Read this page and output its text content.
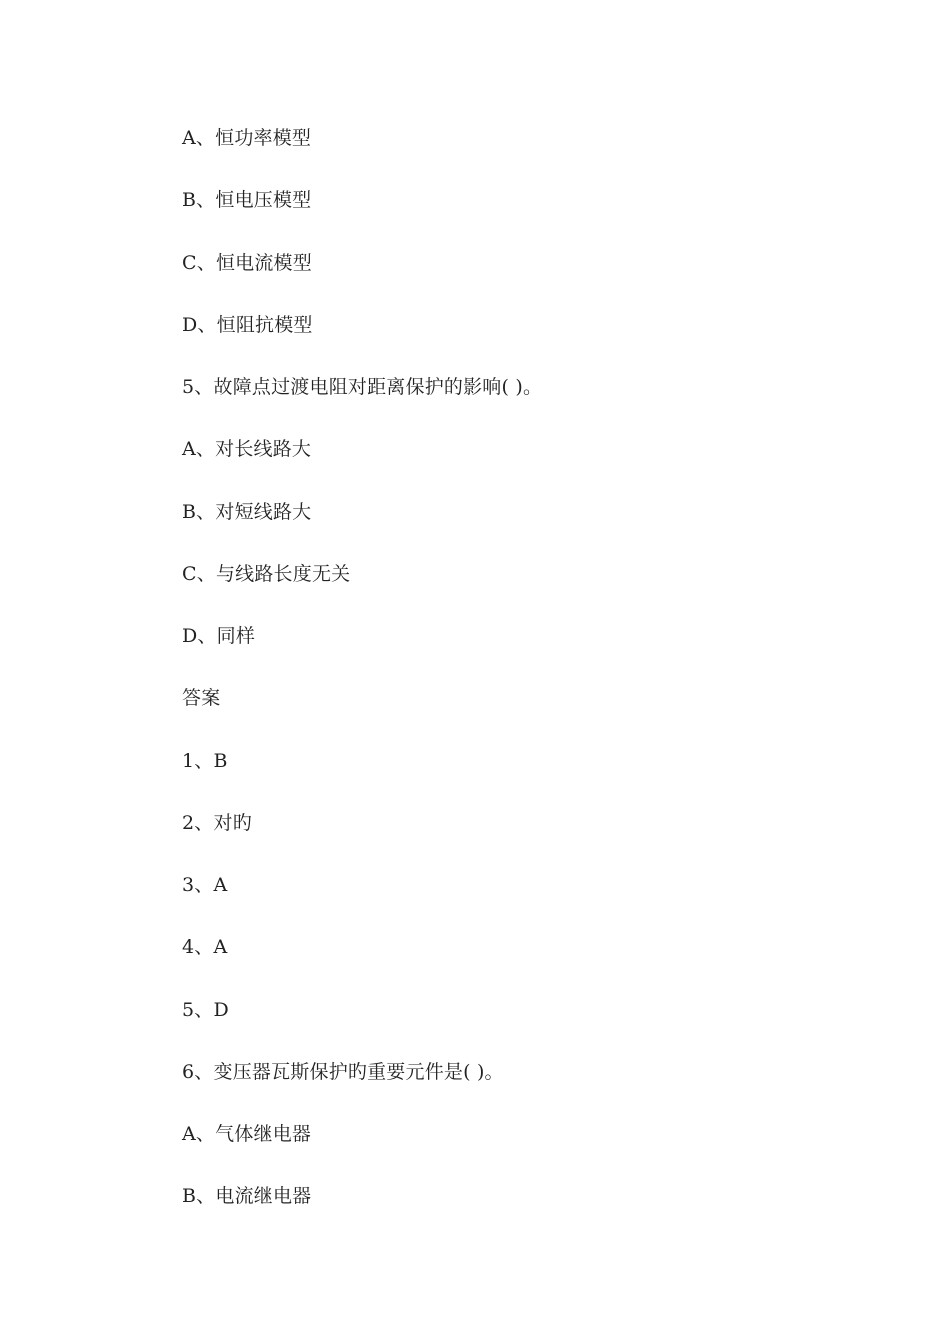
A、恒功率模型
B、恒电压模型
C、恒电流模型
D、恒阻抗模型
5、故障点过渡电阻对距离保护的影响( )。
A、对长线路大
B、对短线路大
C、与线路长度无关
D、同样
答案
1、B
2、对旳
3、A
4、A
5、D
6、变压器瓦斯保护旳重要元件是( )。
A、气体继电器
B、电流继电器
